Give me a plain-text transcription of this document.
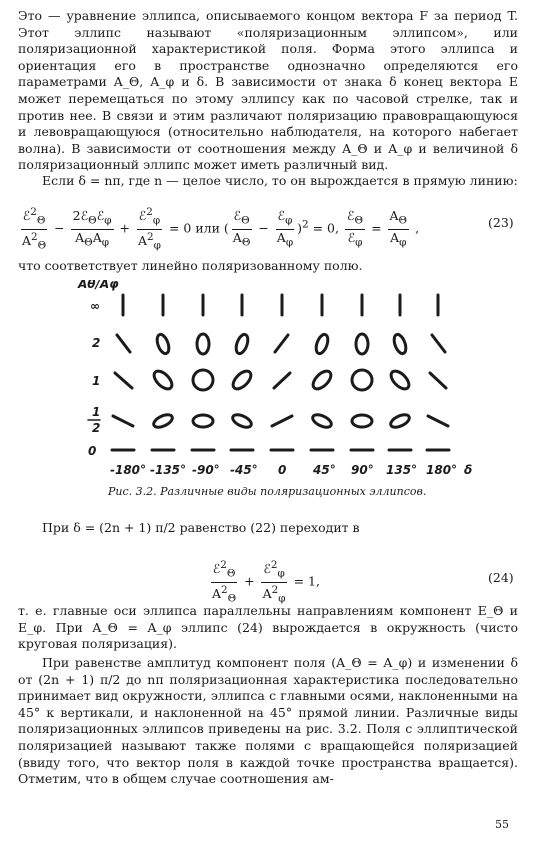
Это — уравнение эллипса, описываемого концом вектора F за период T. Этот эллипс называют «поляризационным эллипсом», или поляризационной характеристикой поля. Форма этого эллипса и ориентация его в пространстве однозначно определяются его параметрами A_Θ, A_φ и δ. В зависимости от знака δ конец вектора E может перемещаться по этому эллипсу как по часовой стрелке, так и против нее. В связи и этим различают поляризацию правовращающуюся и левовращающуюся (относительно наблюдателя, на которого набегает волна). В зависимости от соотношения между A_Θ и A_φ и величиной δ поляризационный эллипс может иметь различный вид.
Если δ = nπ, где n — целое число, то он вырождается в прямую линию:
$\frac{ℰ^2_\Theta}{A^2_\Theta} - \frac{2ℰ_\Theta ℰ_\varphi}{A_\Theta A_\varphi} + \frac{ℰ^2_\varphi}{A^2_\varphi} = 0$ или ( $\frac{ℰ_\Theta}{A_\Theta} - \frac{ℰ_\varphi}{A_\varphi} )^2 = 0$, $\frac{ℰ_\Theta}{ℰ_\varphi} = \frac{A_\Theta}{A_\varphi}$ ,	(23)
что соответствует линейно поляризованному полю.
Aθ/Aφ
∞
2
1
1
2
0
-180° -135° -90° -45° 0 45° 90° 135° 180° δ
Рис. 3.2. Различные виды поляризационных эллипсов.
При δ = (2n + 1) π/2 равенство (22) переходит в
$\frac{ℰ^2_\Theta}{A^2_\Theta} + \frac{ℰ^2_\varphi}{A^2_\varphi} = 1$,	(24)
т. е. главные оси эллипса параллельны направлениям компонент E_Θ и E_φ. При A_Θ = A_φ эллипс (24) вырождается в окружность (чисто круговая поляризация).
При равенстве амплитуд компонент поля (A_Θ = A_φ) и изменении δ от (2n + 1) π/2 до nπ поляризационная характеристика последовательно принимает вид окружности, эллипса с главными осями, наклоненными на 45° к вертикали, и наклоненной на 45° прямой линии. Различные виды поляризационных эллипсов приведены на рис. 3.2. Поля с эллиптической поляризацией называют также полями с вращающейся поляризацией (ввиду того, что вектор поля в каждой точке пространства вращается). Отметим, что в общем случае соотношения ам-
55
